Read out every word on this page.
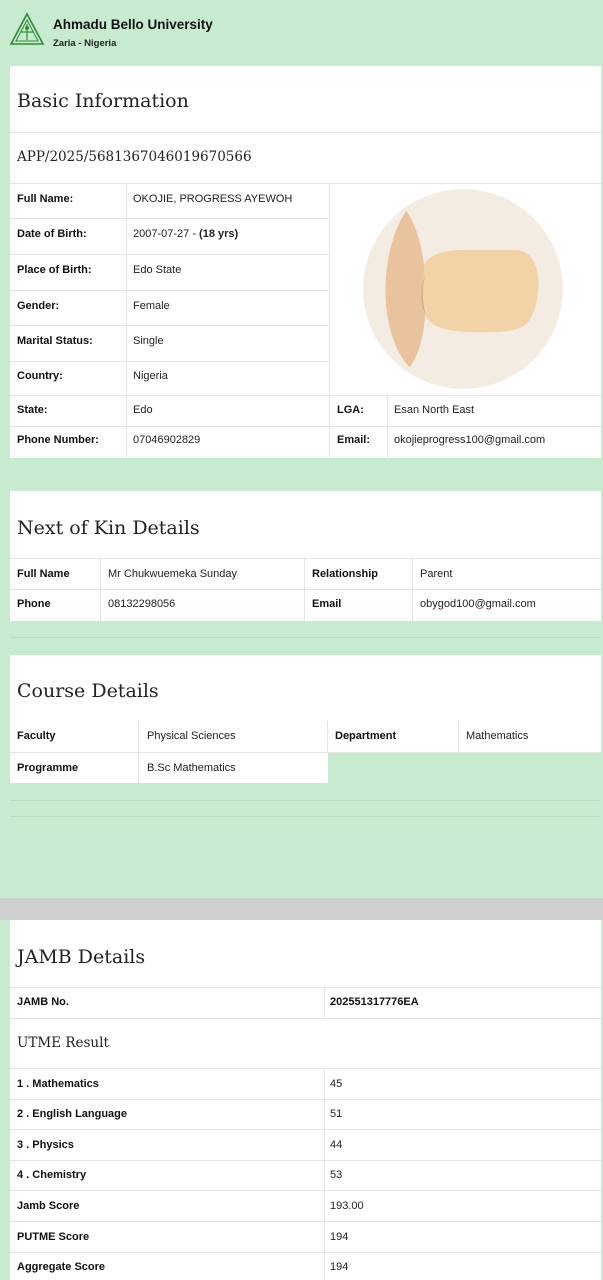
Ahmadu Bello University
Zaria - Nigeria
Basic Information
APP/2025/5681367046019670566
Full Name:	OKOJIE, PROGRESS AYEWOH
Date of Birth:	2007-07-27 - (18 yrs)
Place of Birth:	Edo State
Gender:	Female
Marital Status:	Single
Country:	Nigeria
State:	Edo	LGA:	Esan North East
Phone Number:	07046902829	Email: okojieprogress100@gmail.com
Next of Kin Details
Full Name	Mr Chukwuemeka Sunday	Relationship	Parent
Phone	08132298056	Email	obygod100@gmail.com
Course Details
Faculty	Physical Sciences	Department	Mathematics
Programme	B.Sc Mathematics
JAMB Details
JAMB No.	202551317776EA
UTME Result
1 . Mathematics	45
2 . English Language	51
3 . Physics	44
4 . Chemistry	53
Jamb Score	193.00
PUTME Score	194
Aggregate Score	194
